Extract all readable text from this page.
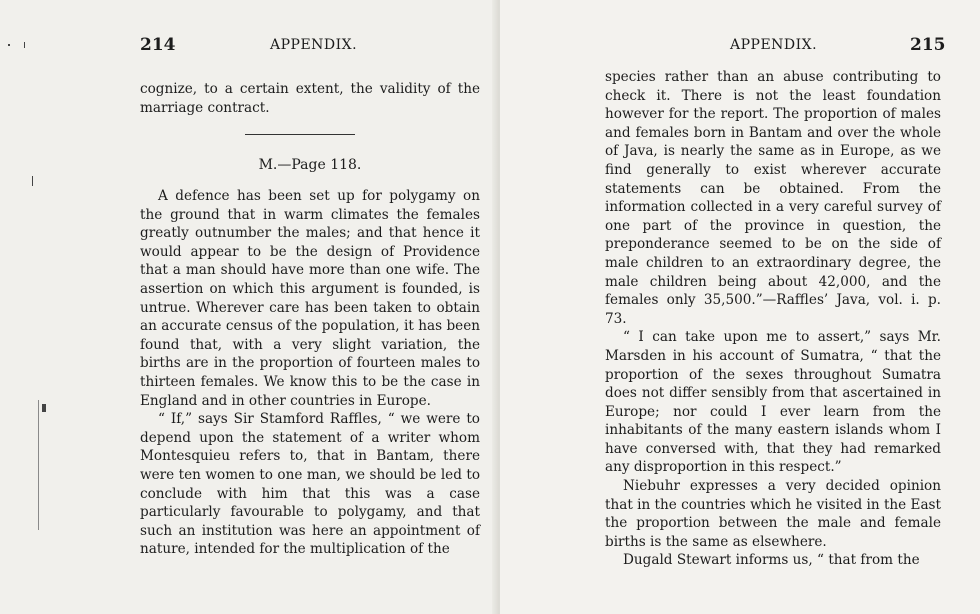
214	APPENDIX.

cognize, to a certain extent, the validity of the marriage contract.

M.—Page 118.

A defence has been set up for polygamy on the ground that in warm climates the females greatly outnumber the males; and that hence it would appear to be the design of Providence that a man should have more than one wife. The assertion on which this argument is founded, is untrue. Wherever care has been taken to obtain an accurate census of the population, it has been found that, with a very slight variation, the births are in the proportion of fourteen males to thirteen females. We know this to be the case in England and in other countries in Europe.

“ If,” says Sir Stamford Raffles, “ we were to depend upon the statement of a writer whom Montesquieu refers to, that in Bantam, there were ten women to one man, we should be led to conclude with him that this was a case particularly favourable to polygamy, and that such an institution was here an appointment of nature, intended for the multiplication of the

APPENDIX.	215

species rather than an abuse contributing to check it. There is not the least foundation however for the report. The proportion of males and females born in Bantam and over the whole of Java, is nearly the same as in Europe, as we find generally to exist wherever accurate statements can be obtained. From the information collected in a very careful survey of one part of the province in question, the preponderance seemed to be on the side of male children to an extraordinary degree, the male children being about 42,000, and the females only 35,500.”—Raffles’ Java, vol. i. p. 73.

“ I can take upon me to assert,” says Mr. Marsden in his account of Sumatra, “ that the proportion of the sexes throughout Sumatra does not differ sensibly from that ascertained in Europe; nor could I ever learn from the inhabitants of the many eastern islands whom I have conversed with, that they had remarked any disproportion in this respect.”

Niebuhr expresses a very decided opinion that in the countries which he visited in the East the proportion between the male and female births is the same as elsewhere.

Dugald Stewart informs us, “ that from the
